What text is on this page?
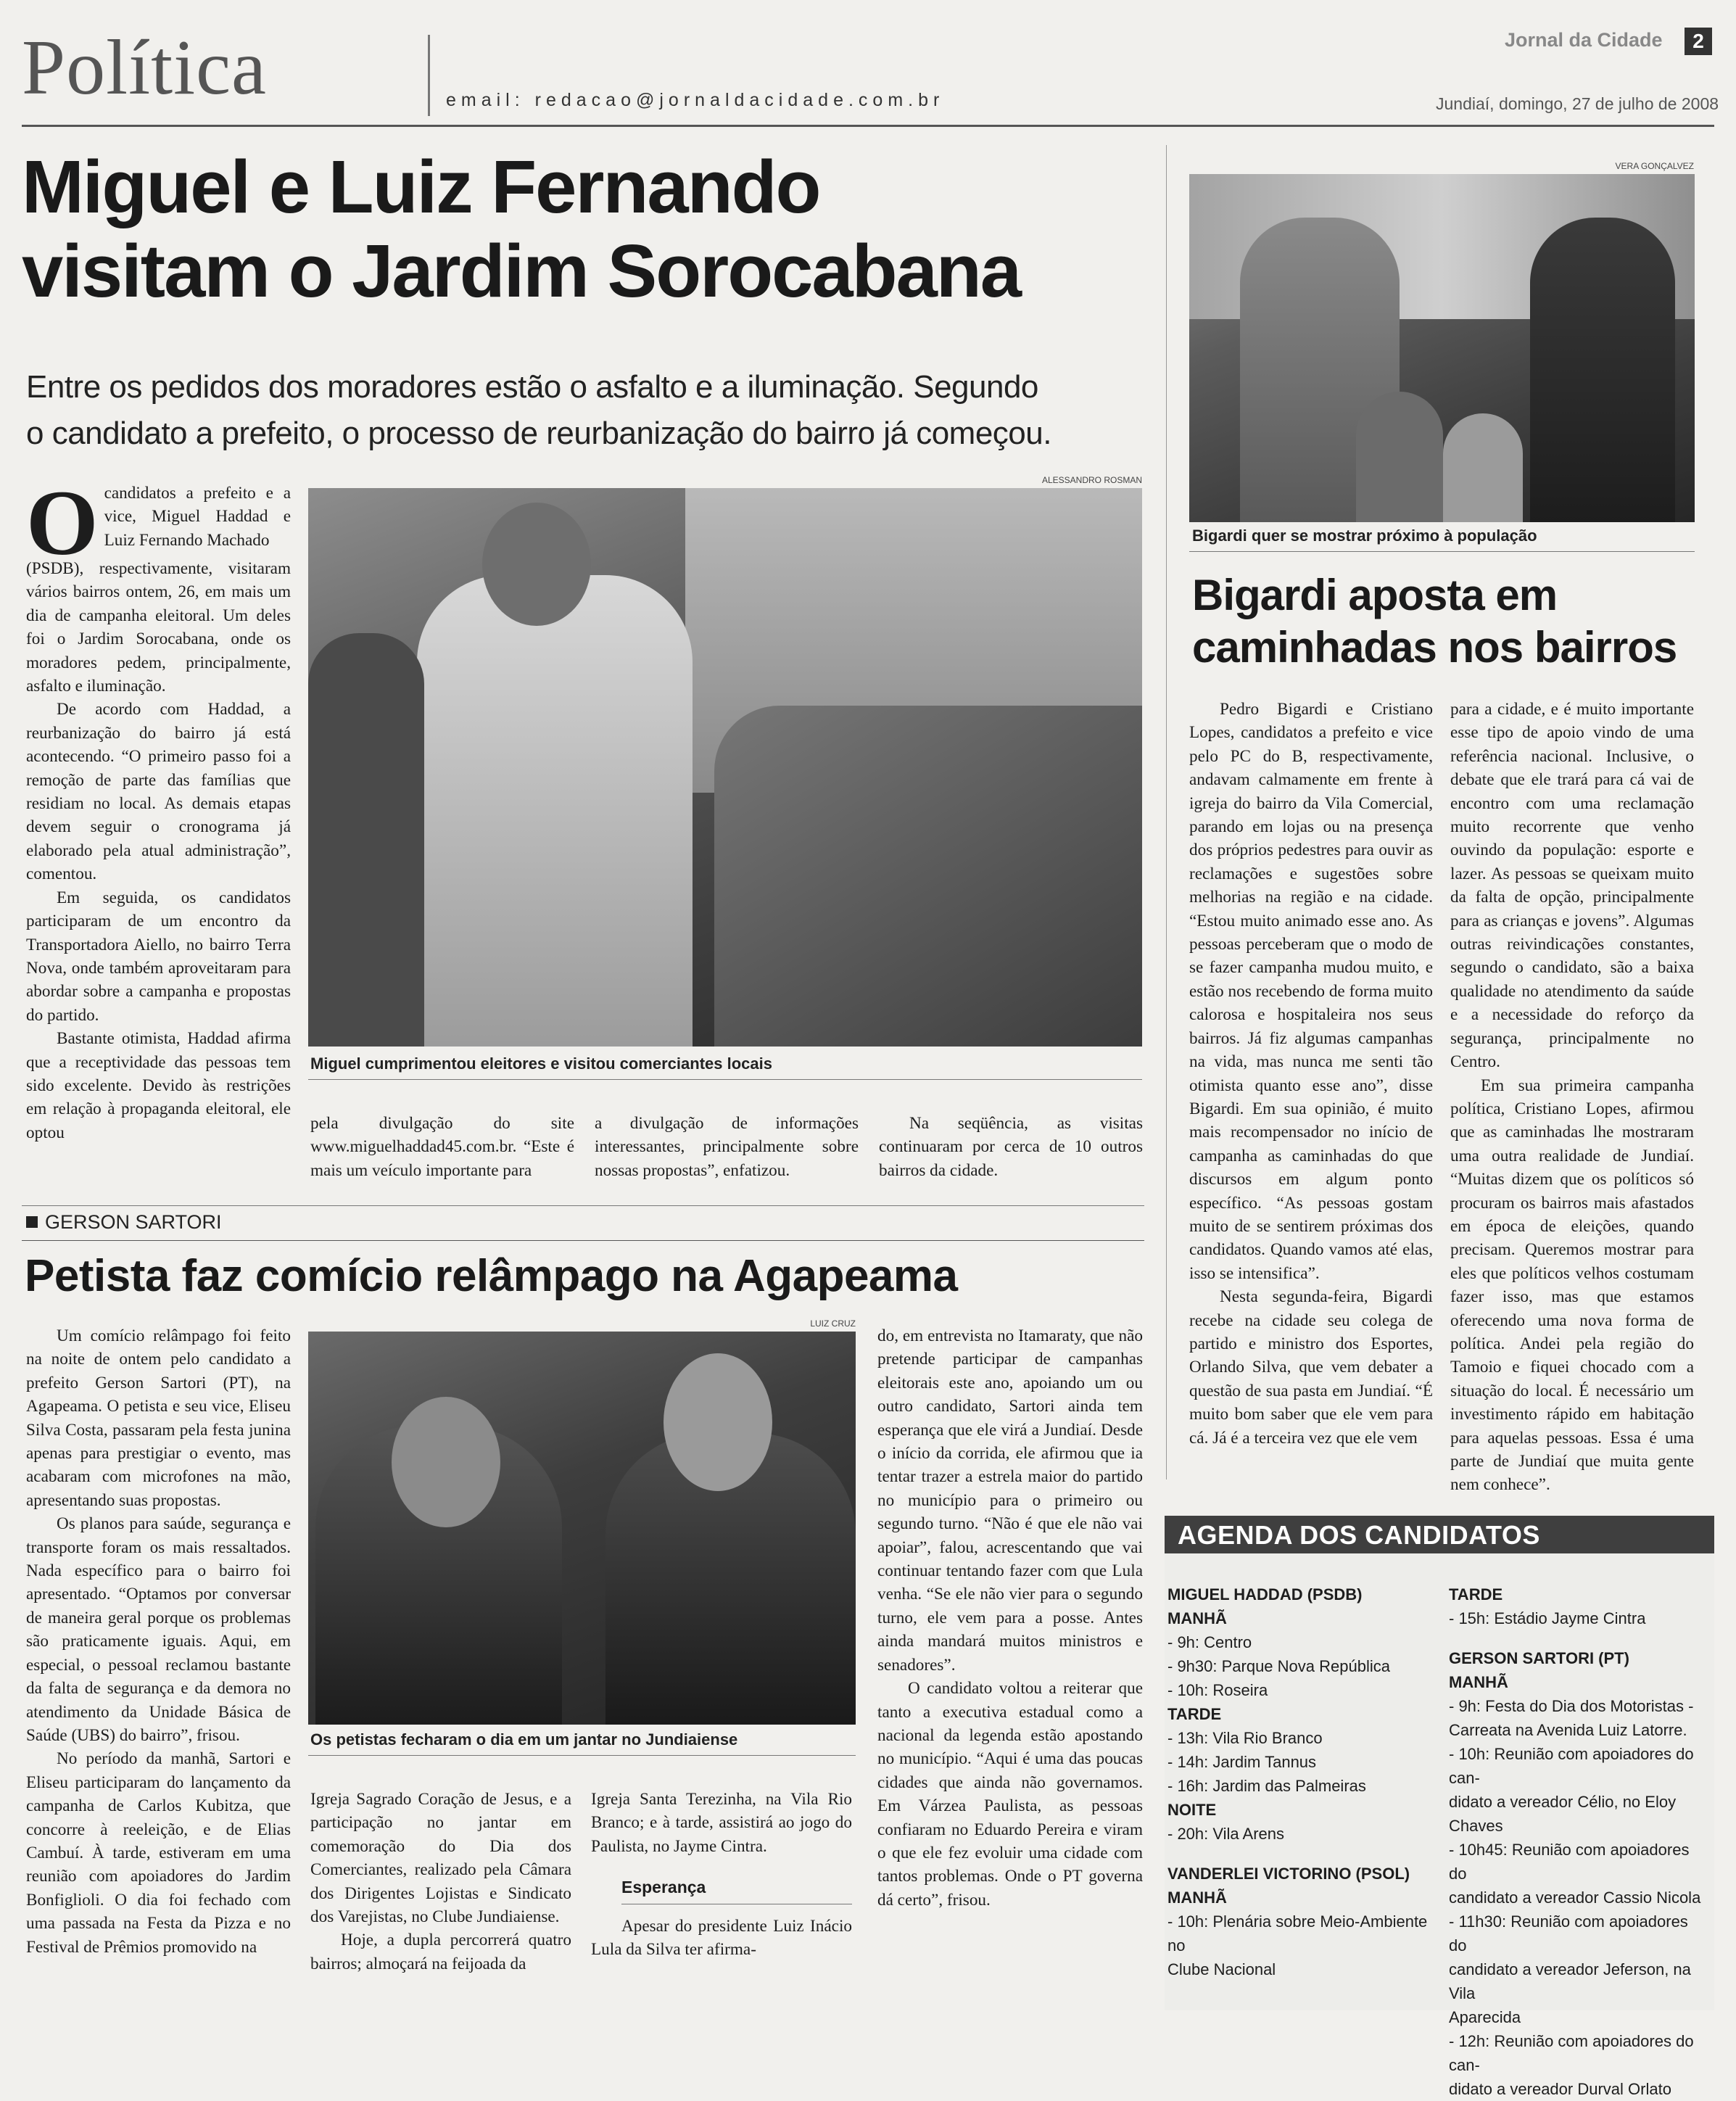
Política	email: redacao@jornaldacidade.com.br
Jornal da Cidade	2
Jundiaí, domingo, 27 de julho de 2008
Miguel e Luiz Fernando
visitam o Jardim Sorocabana
Entre os pedidos dos moradores estão o asfalto e a iluminação. Segundo
o candidato a prefeito, o processo de reurbanização do bairro já começou.
ALESSANDRO ROSMAN
Miguel cumprimentou eleitores e visitou comerciantes locais
O candidatos a prefeito e a vice, Miguel Haddad e Luiz Fernando Machado

(PSDB), respectivamente, visitaram vários bairros ontem, 26, em mais um dia de campanha eleitoral. Um deles foi o Jardim Sorocabana, onde os moradores pedem, principalmente, asfalto e iluminação.

De acordo com Haddad, a reurbanização do bairro já está acontecendo. “O primeiro passo foi a remoção de parte das famílias que residiam no local. As demais etapas devem seguir o cronograma já elaborado pela atual administração”, comentou.

Em seguida, os candidatos participaram de um encontro da Transportadora Aiello, no bairro Terra Nova, onde também aproveitaram para abordar sobre a campanha e propostas do partido.

Bastante otimista, Haddad afirma que a receptividade das pessoas tem sido excelente. Devido às restrições em relação à propaganda eleitoral, ele optou	pela divulgação do site www.miguelhaddad45.com.br. “Este é mais um veículo importante para

a divulgação de informações interessantes, principalmente sobre nossas propostas”, enfatizou.

Na seqüência, as visitas continuaram por cerca de 10 outros bairros da cidade.

VERA GONÇALVEZ
Bigardi quer se mostrar próximo à população
Bigardi aposta em
caminhadas nos bairros

Pedro Bigardi e Cristiano Lopes, candidatos a prefeito e vice pelo PC do B, respectivamente, andavam calmamente em frente à igreja do bairro da Vila Comercial, parando em lojas ou na presença dos próprios pedestres para ouvir as reclamações e sugestões sobre melhorias na região e na cidade. “Estou muito animado esse ano. As pessoas perceberam que o modo de se fazer campanha mudou muito, e estão nos recebendo de forma muito calorosa e hospitaleira nos seus bairros. Já fiz algumas campanhas na vida, mas nunca me senti tão otimista quanto esse ano”, disse Bigardi. Em sua opinião, é muito mais recompensador no início de campanha as caminhadas do que discursos em algum ponto específico. “As pessoas gostam muito de se sentirem próximas dos candidatos. Quando vamos até elas, isso se intensifica”.

Nesta segunda-feira, Bigardi recebe na cidade seu colega de partido e ministro dos Esportes, Orlando Silva, que vem debater a questão de sua pasta em Jundiaí. “É muito bom saber que ele vem para cá. Já é a terceira vez que ele vem

para a cidade, e é muito importante esse tipo de apoio vindo de uma referência nacional. Inclusive, o debate que ele trará para cá vai de encontro com uma reclamação muito recorrente que venho ouvindo da população: esporte e lazer. As pessoas se queixam muito da falta de opção, principalmente para as crianças e jovens”. Algumas outras reivindicações constantes, segundo o candidato, são a baixa qualidade no atendimento da saúde e a necessidade do reforço da segurança, principalmente no Centro.

Em sua primeira campanha política, Cristiano Lopes, afirmou que as caminhadas lhe mostraram uma outra realidade de Jundiaí. “Muitas dizem que os políticos só procuram os bairros mais afastados em época de eleições, quando precisam. Queremos mostrar para eles que políticos velhos costumam fazer isso, mas que estamos oferecendo uma nova forma de política. Andei pela região do Tamoio e fiquei chocado com a situação do local. É necessário um investimento rápido em habitação para aquelas pessoas. Essa é uma parte de Jundiaí que muita gente nem conhece”.

GERSON SARTORI
Petista faz comício relâmpago na Agapeama
LUIZ CRUZ
Os petistas fecharam o dia em um jantar no Jundiaiense

Um comício relâmpago foi feito na noite de ontem pelo candidato a prefeito Gerson Sartori (PT), na Agapeama. O petista e seu vice, Eliseu Silva Costa, passaram pela festa junina apenas para prestigiar o evento, mas acabaram com microfones na mão, apresentando suas propostas.

Os planos para saúde, segurança e transporte foram os mais ressaltados. Nada específico para o bairro foi apresentado. “Optamos por conversar de maneira geral porque os problemas são praticamente iguais. Aqui, em especial, o pessoal reclamou bastante da falta de segurança e da demora no atendimento da Unidade Básica de Saúde (UBS) do bairro”, frisou.

No período da manhã, Sartori e Eliseu participaram do lançamento da campanha de Carlos Kubitza, que concorre à reeleição, e de Elias Cambuí. À tarde, estiveram em uma reunião com apoiadores do Jardim Bonfiglioli. O dia foi fechado com uma passada na Festa da Pizza e no Festival de Prêmios promovido na

Igreja Sagrado Coração de Jesus, e a participação no jantar em comemoração do Dia dos Comerciantes, realizado pela Câmara dos Dirigentes Lojistas e Sindicato dos Varejistas, no Clube Jundiaiense.

Hoje, a dupla percorrerá quatro bairros; almoçará na feijoada da

Igreja Santa Terezinha, na Vila Rio Branco; e à tarde, assistirá ao jogo do Paulista, no Jayme Cintra.

Esperança

Apesar do presidente Luiz Inácio Lula da Silva ter afirma-

do, em entrevista no Itamaraty, que não pretende participar de campanhas eleitorais este ano, apoiando um ou outro candidato, Sartori ainda tem esperança que ele virá a Jundiaí. Desde o início da corrida, ele afirmou que ia tentar trazer a estrela maior do partido no município para o primeiro ou segundo turno. “Não é que ele não vai apoiar”, falou, acrescentando que vai continuar tentando fazer com que Lula venha. “Se ele não vier para o segundo turno, ele vem para a posse. Antes ainda mandará muitos ministros e senadores”.

O candidato voltou a reiterar que tanto a executiva estadual como a nacional da legenda estão apostando no município. “Aqui é uma das poucas cidades que ainda não governamos. Em Várzea Paulista, as pessoas confiaram no Eduardo Pereira e viram o que ele fez evoluir uma cidade com tantos problemas. Onde o PT governa dá certo”, frisou.

AGENDA DOS CANDIDATOS
MIGUEL HADDAD (PSDB)
MANHÃ
- 9h: Centro
- 9h30: Parque Nova República
- 10h: Roseira
TARDE
- 13h: Vila Rio Branco
- 14h: Jardim Tannus
- 16h: Jardim das Palmeiras
NOITE
- 20h: Vila Arens
VANDERLEI VICTORINO (PSOL)
MANHÃ
- 10h: Plenária sobre Meio-Ambiente no
Clube Nacional
TARDE
- 15h: Estádio Jayme Cintra
GERSON SARTORI (PT)
MANHÃ
- 9h: Festa do Dia dos Motoristas -
Carreata na Avenida Luiz Latorre.
- 10h: Reunião com apoiadores do can-
didato a vereador Célio, no Eloy
Chaves
- 10h45: Reunião com apoiadores do
candidato a vereador Cassio Nicola
- 11h30: Reunião com apoiadores do
candidato a vereador Jeferson, na Vila
Aparecida
- 12h: Reunião com apoiadores do can-
didato a vereador Durval Orlato
